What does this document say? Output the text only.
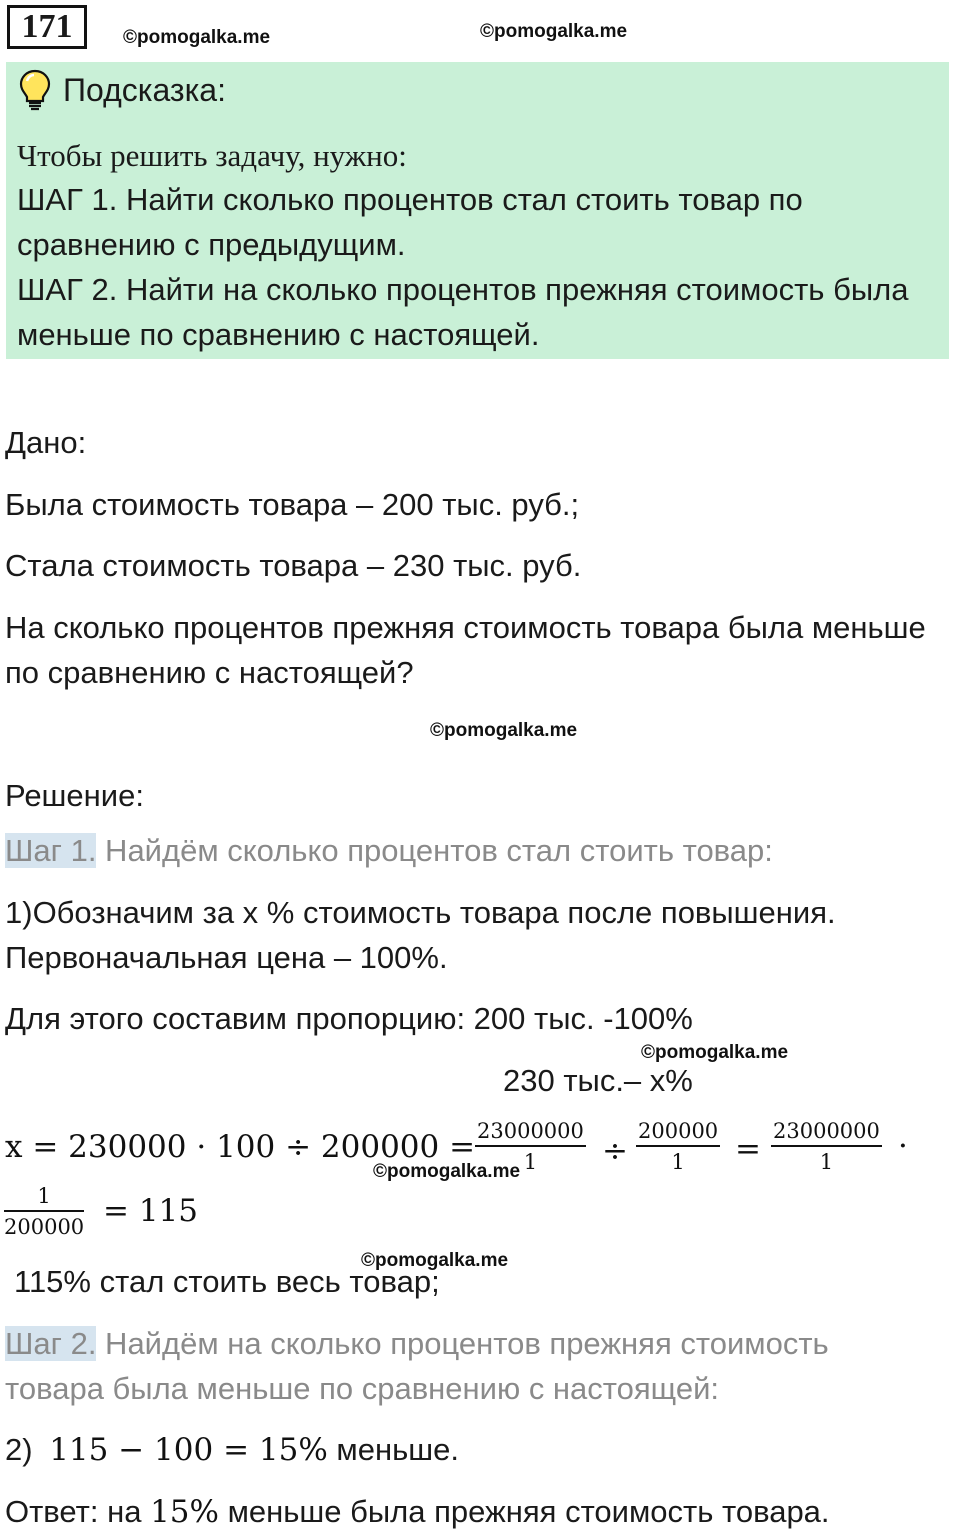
171	©pomogalka.me	©pomogalka.me
Подсказка:
Чтобы решить задачу, нужно:
ШАГ 1. Найти сколько процентов стал стоить товар по
сравнению с предыдущим.
ШАГ 2. Найти на сколько процентов прежняя стоимость была
меньше по сравнению с настоящей.
Дано:
Была стоимость товара – 200 тыс. руб.;
Стала стоимость товара – 230 тыс. руб.
На сколько процентов прежняя стоимость товара была меньше
по сравнению с настоящей?
©pomogalka.me
Решение:
Шаг 1. Найдём сколько процентов стал стоить товар:
1)Обозначим за х % стоимость товара после повышения.
Первоначальная цена – 100%.
Для этого составим пропорцию: 200 тыс. -100%
©pomogalka.me
230 тыс.– х%
$x = 230000 \cdot 100 \div 200000 = \frac{23000000}{1} \div \frac{200000}{1} = \frac{23000000}{1}$ ·
©pomogalka.me
$\frac{1}{200000} = 115$
©pomogalka.me
115% стал стоить весь товар;
Шаг 2. Найдём на сколько процентов прежняя стоимость
товара была меньше по сравнению с настоящей:
2) 115 − 100 = 15% меньше.
Ответ: на 15% меньше была прежняя стоимость товара.
